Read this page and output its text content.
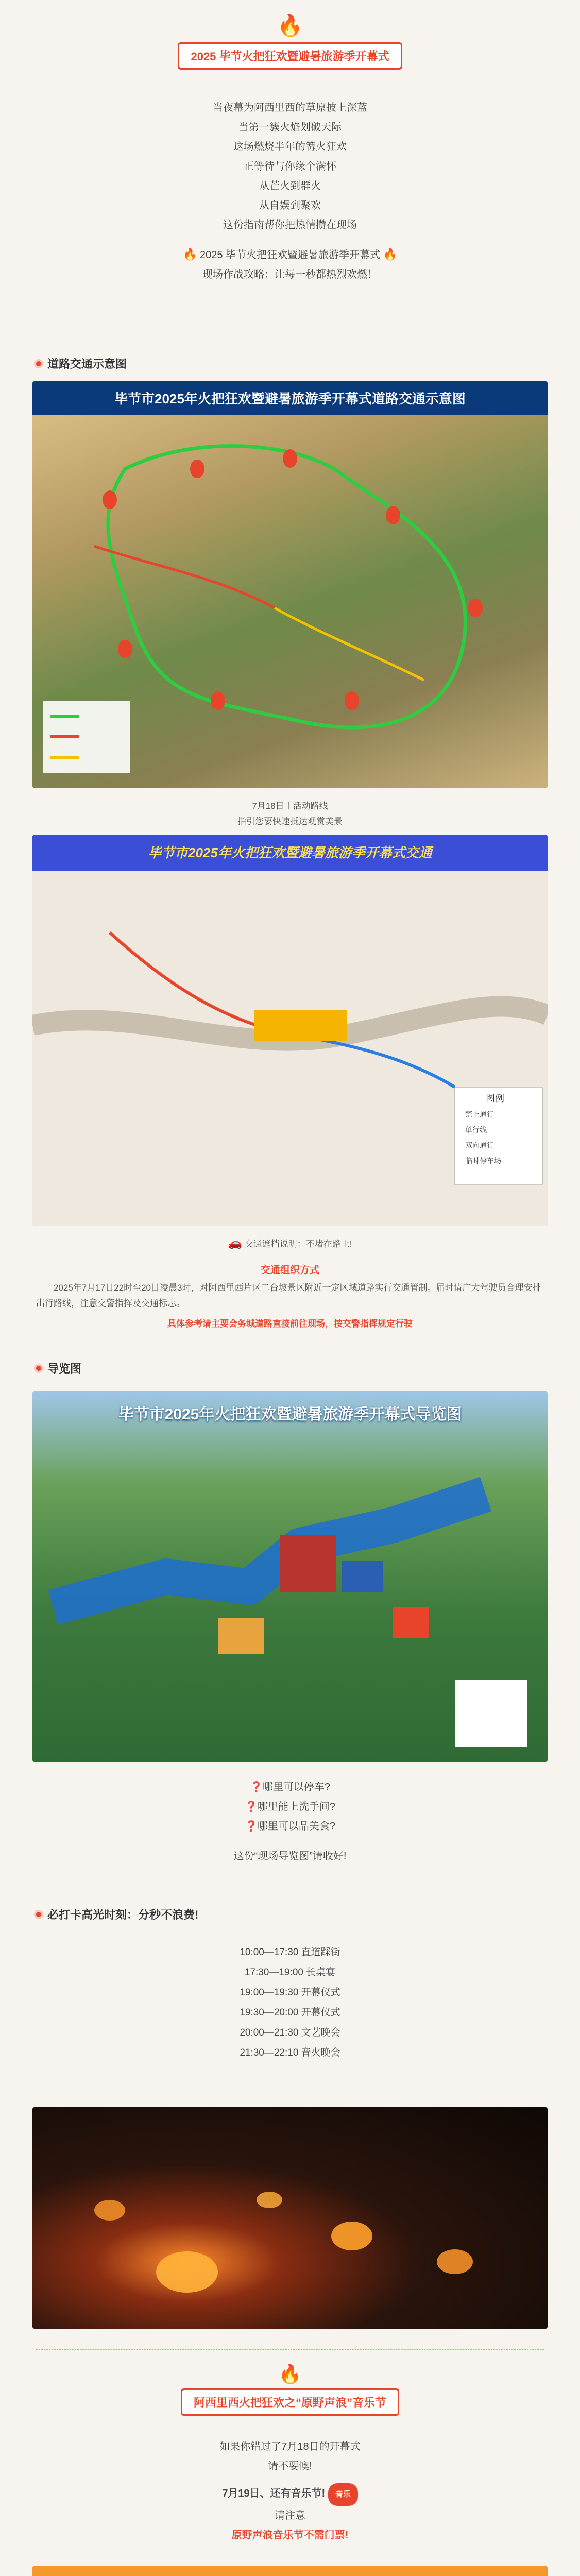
🔥
2025 毕节火把狂欢暨避暑旅游季开幕式
当夜幕为阿西里西的草原披上深蓝
当第一簇火焰划破天际
这场燃烧半年的篝火狂欢
正等待与你缘个满怀
从芒火到群火
从自娱到聚欢
这份指南帮你把热情攒在现场
🔥 2025 毕节火把狂欢暨避暑旅游季开幕式 🔥
现场作战攻略：让每一秒都热烈欢燃！
道路交通示意图
毕节市2025年火把狂欢暨避暑旅游季开幕式道路交通示意图
7月18日丨活动路线
指引您要快速抵达观赏美景
毕节市2025年火把狂欢暨避暑旅游季开幕式交通
图例
禁止通行
单行线
双向通行
临时停车场
🚗 交通遮挡说明：不堵在路上!
交通组织方式
2025年7月17日22时至20日凌晨3时，对阿西里西片区二台坡景区附近一定区域道路实行交通管制。届时请广大驾驶员合理安排出行路线，注意交警指挥及交通标志。
具体参考请主要会务城道路直接前往现场，按交警指挥规定行驶
导览图
毕节市2025年火把狂欢暨避暑旅游季开幕式导览图
❓哪里可以停车?
❓哪里能上洗手间?
❓哪里可以品美食?
这份“现场导览图”请收好!
必打卡高光时刻：分秒不浪费!
10:00—17:30 直道踩街
17:30—19:00 长桌宴
19:00—19:30 开幕仪式
19:30—20:00 开幕仪式
20:00—21:30 文艺晚会
21:30—22:10 音火晚会
🔥
阿西里西火把狂欢之“原野声浪”音乐节
如果你错过了7月18日的开幕式
请不要懊!
7月19日、还有音乐节! 音乐
请注意
原野声浪音乐节不需门票!
